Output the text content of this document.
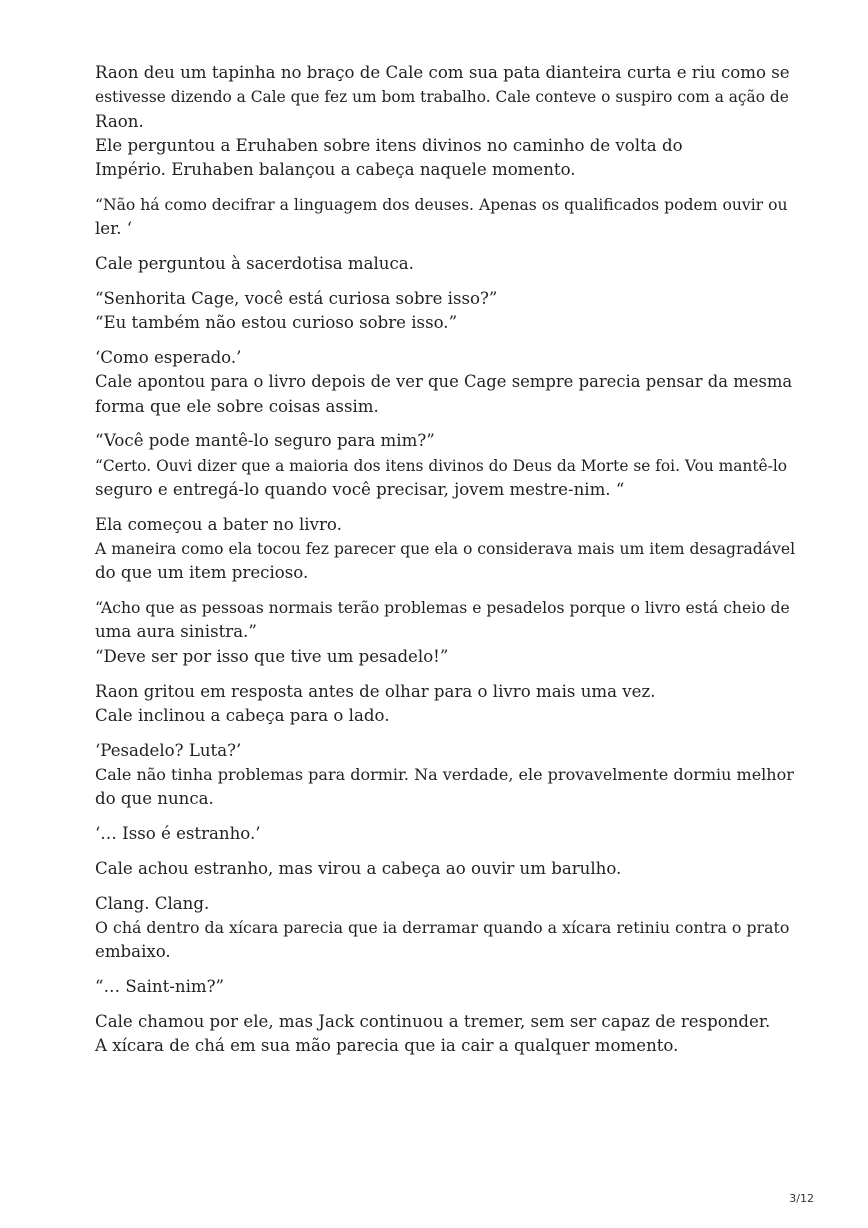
Raon deu um tapinha no braço de Cale com sua pata dianteira curta e riu como se
estivesse dizendo a Cale que fez um bom trabalho. Cale conteve o suspiro com a ação de
Raon.
Ele perguntou a Eruhaben sobre itens divinos no caminho de volta do
Império. Eruhaben balançou a cabeça naquele momento.

“Não há como decifrar a linguagem dos deuses. Apenas os qualificados podem ouvir ou
ler. ‘

Cale perguntou à sacerdotisa maluca.

“Senhorita Cage, você está curiosa sobre isso?”
“Eu também não estou curioso sobre isso.”

‘Como esperado.’
Cale apontou para o livro depois de ver que Cage sempre parecia pensar da mesma
forma que ele sobre coisas assim.

“Você pode mantê-lo seguro para mim?”
“Certo. Ouvi dizer que a maioria dos itens divinos do Deus da Morte se foi. Vou mantê-lo
seguro e entregá-lo quando você precisar, jovem mestre-nim. “

Ela começou a bater no livro.
A maneira como ela tocou fez parecer que ela o considerava mais um item desagradável
do que um item precioso.

“Acho que as pessoas normais terão problemas e pesadelos porque o livro está cheio de
uma aura sinistra.”
“Deve ser por isso que tive um pesadelo!”

Raon gritou em resposta antes de olhar para o livro mais uma vez.
Cale inclinou a cabeça para o lado.

‘Pesadelo? Luta?’
Cale não tinha problemas para dormir. Na verdade, ele provavelmente dormiu melhor
do que nunca.

‘… Isso é estranho.’

Cale achou estranho, mas virou a cabeça ao ouvir um barulho.

Clang. Clang.
O chá dentro da xícara parecia que ia derramar quando a xícara retiniu contra o prato
embaixo.

“… Saint-nim?”

Cale chamou por ele, mas Jack continuou a tremer, sem ser capaz de responder.
A xícara de chá em sua mão parecia que ia cair a qualquer momento.

3/12
